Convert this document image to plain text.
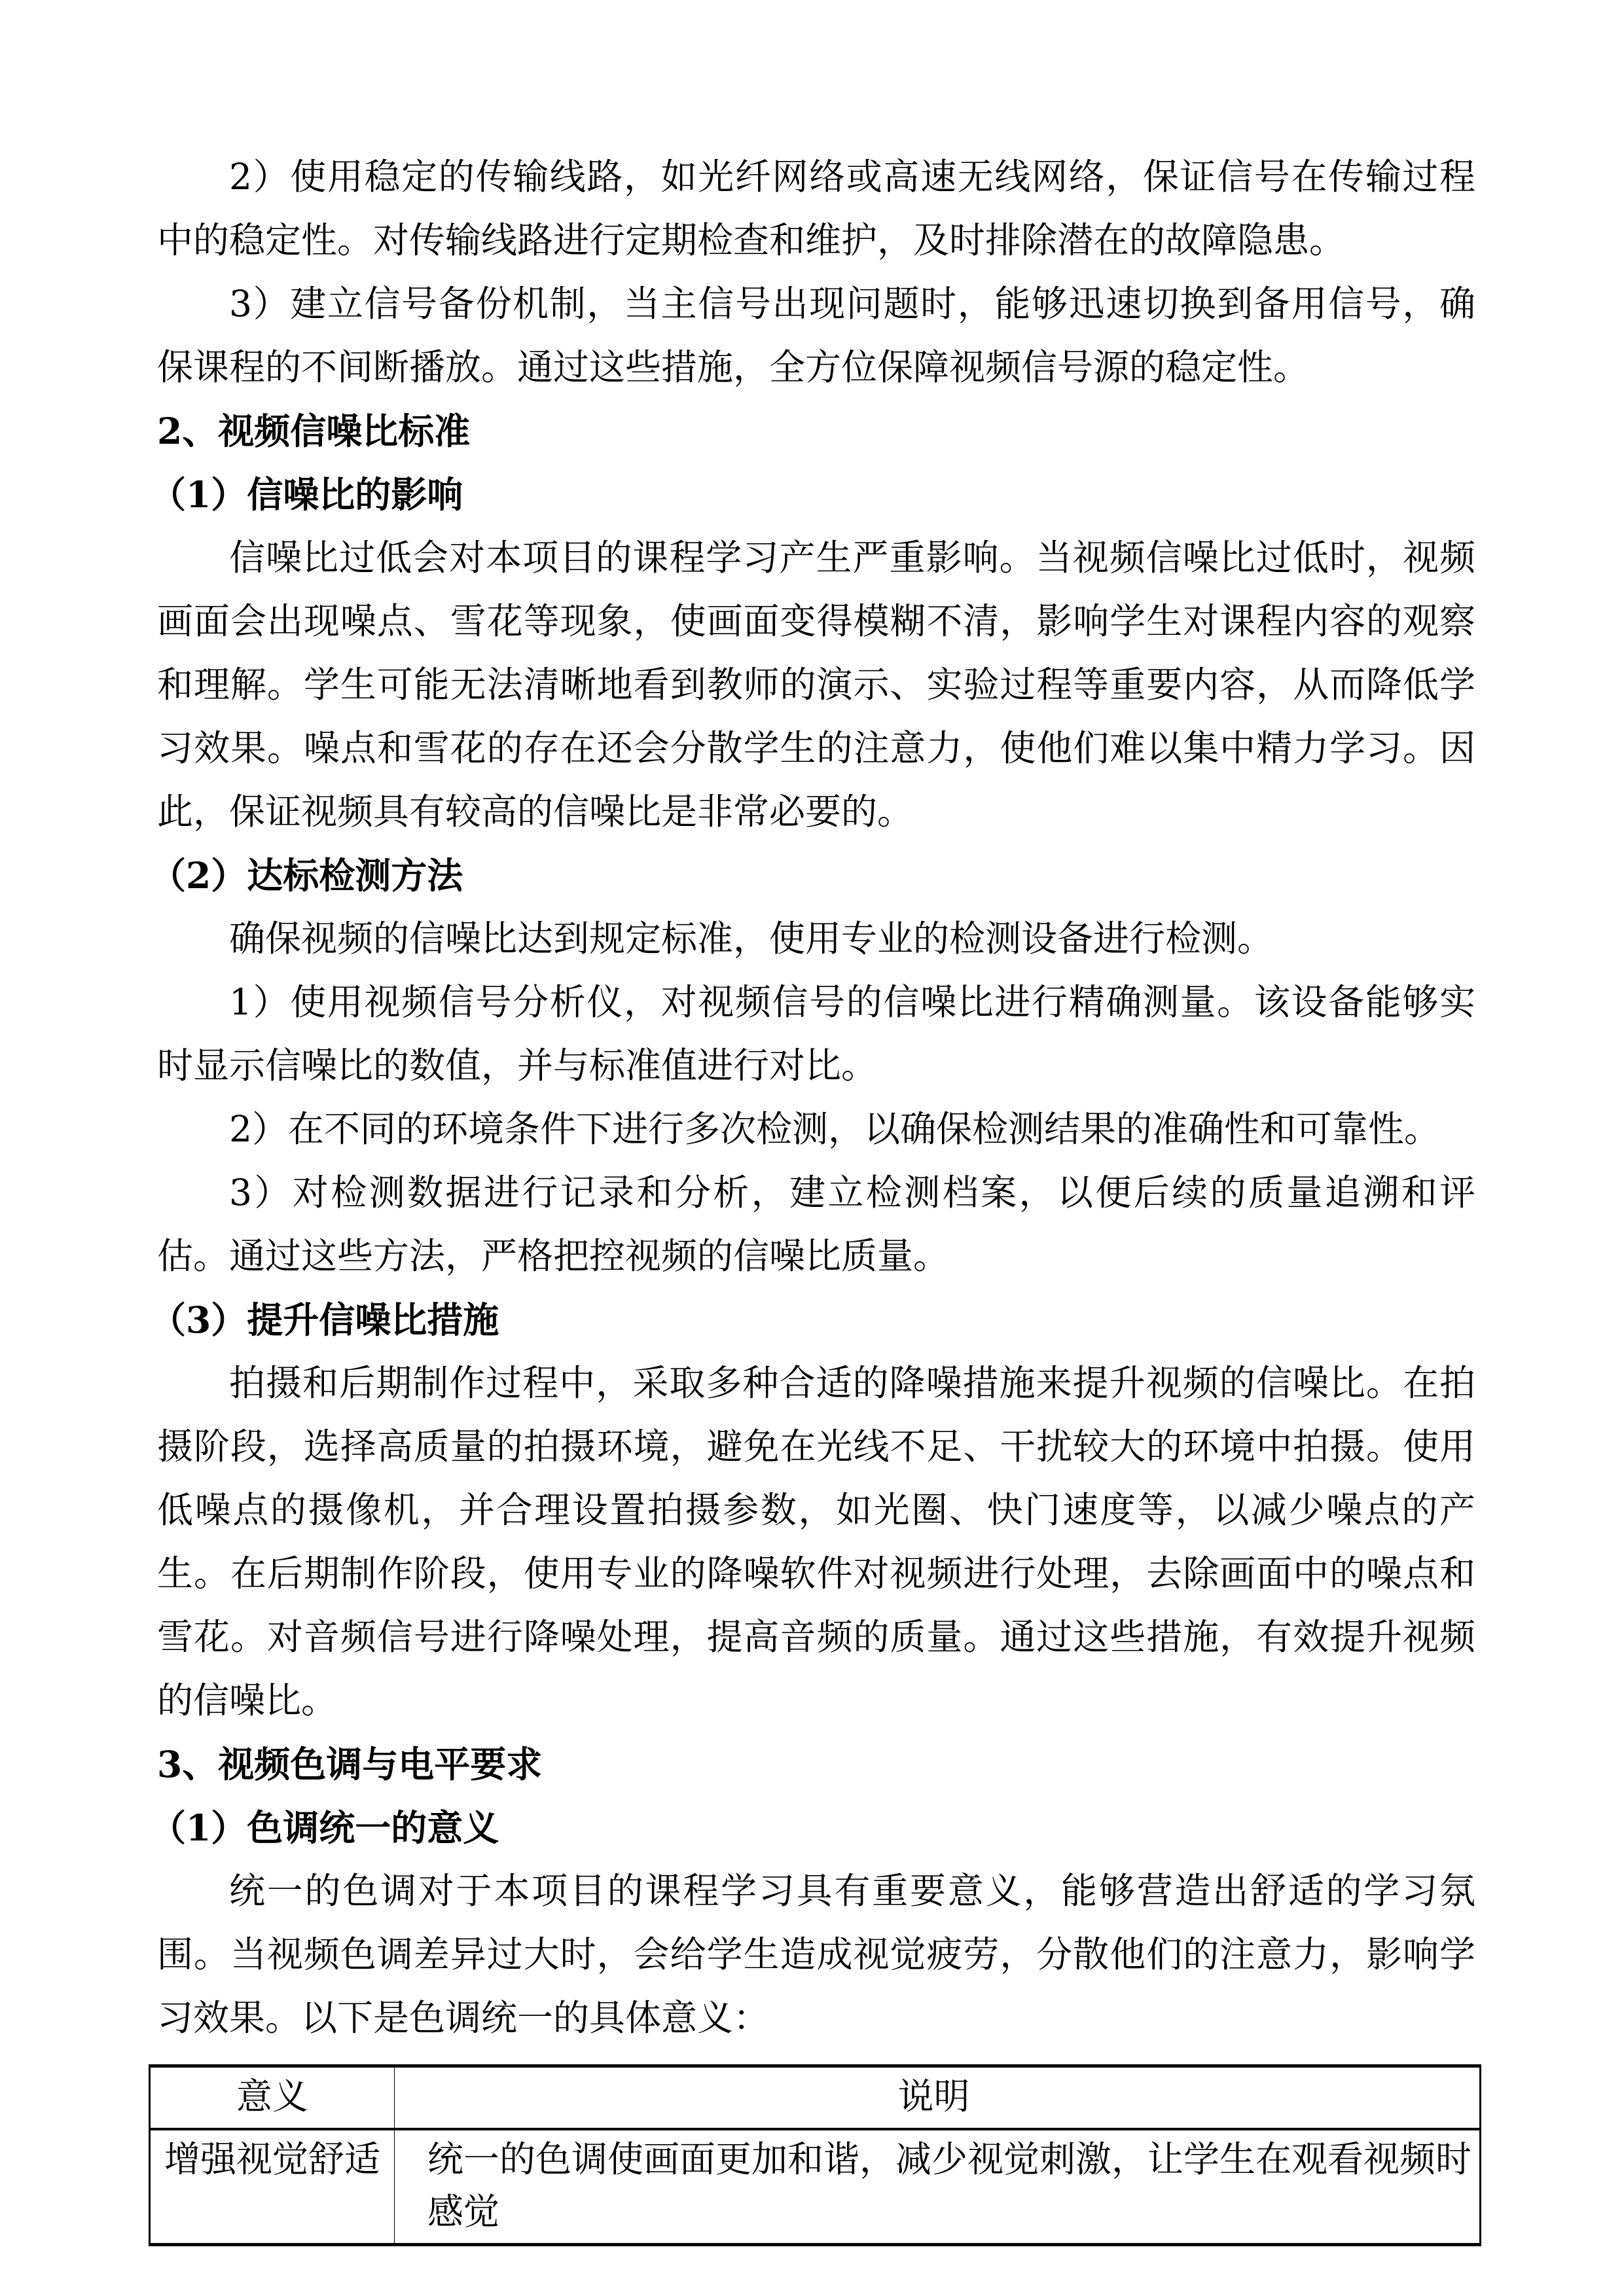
2）使用稳定的传输线路，如光纤网络或高速无线网络，保证信号在传输过程中的稳定性。对传输线路进行定期检查和维护，及时排除潜在的故障隐患。

3）建立信号备份机制，当主信号出现问题时，能够迅速切换到备用信号，确保课程的不间断播放。通过这些措施，全方位保障视频信号源的稳定性。

2、视频信噪比标准

（1）信噪比的影响

信噪比过低会对本项目的课程学习产生严重影响。当视频信噪比过低时，视频画面会出现噪点、雪花等现象，使画面变得模糊不清，影响学生对课程内容的观察和理解。学生可能无法清晰地看到教师的演示、实验过程等重要内容，从而降低学习效果。噪点和雪花的存在还会分散学生的注意力，使他们难以集中精力学习。因此，保证视频具有较高的信噪比是非常必要的。

（2）达标检测方法

确保视频的信噪比达到规定标准，使用专业的检测设备进行检测。

1）使用视频信号分析仪，对视频信号的信噪比进行精确测量。该设备能够实时显示信噪比的数值，并与标准值进行对比。

2）在不同的环境条件下进行多次检测，以确保检测结果的准确性和可靠性。

3）对检测数据进行记录和分析，建立检测档案，以便后续的质量追溯和评估。通过这些方法，严格把控视频的信噪比质量。

（3）提升信噪比措施

拍摄和后期制作过程中，采取多种合适的降噪措施来提升视频的信噪比。在拍摄阶段，选择高质量的拍摄环境，避免在光线不足、干扰较大的环境中拍摄。使用低噪点的摄像机，并合理设置拍摄参数，如光圈、快门速度等，以减少噪点的产生。在后期制作阶段，使用专业的降噪软件对视频进行处理，去除画面中的噪点和雪花。对音频信号进行降噪处理，提高音频的质量。通过这些措施，有效提升视频的信噪比。

3、视频色调与电平要求

（1）色调统一的意义

统一的色调对于本项目的课程学习具有重要意义，能够营造出舒适的学习氛围。当视频色调差异过大时，会给学生造成视觉疲劳，分散他们的注意力，影响学习效果。以下是色调统一的具体意义：

意义	说明
增强视觉舒适	统一的色调使画面更加和谐，减少视觉刺激，让学生在观看视频时感觉
